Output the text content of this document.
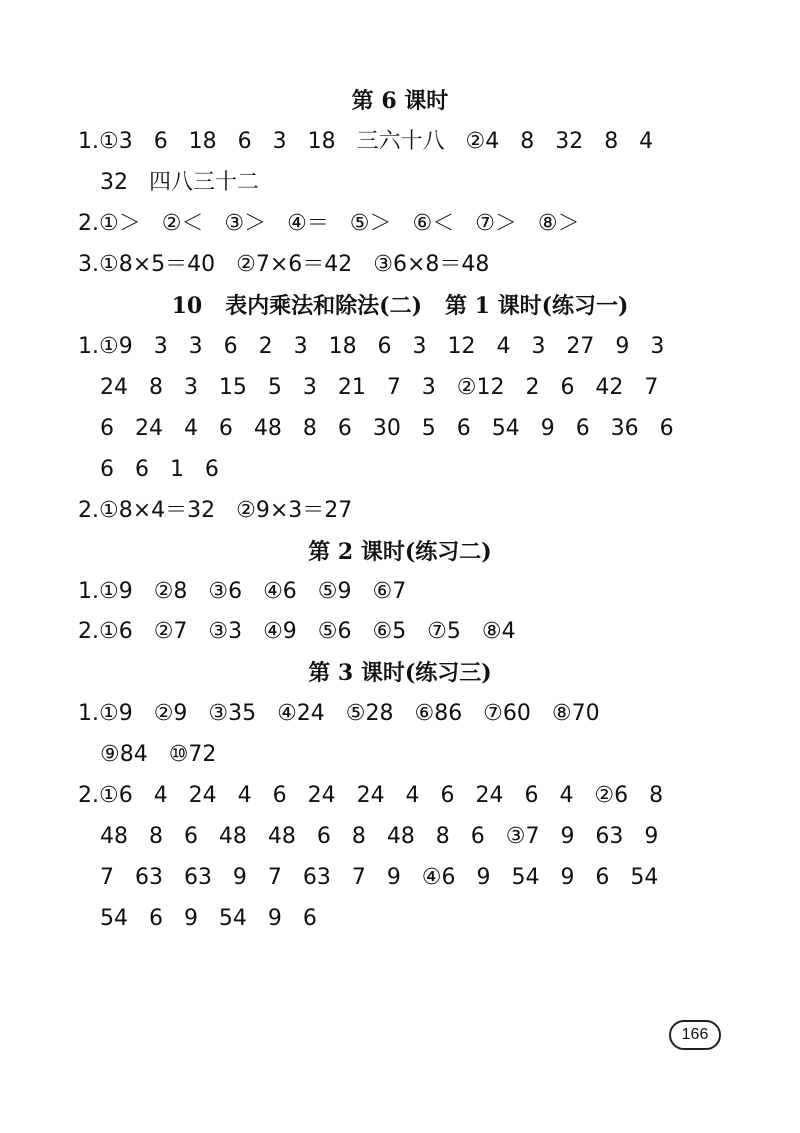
第 6 课时
1.①3   6   18   6   3   18   三六十八   ②4   8   32   8   4
32   四八三十二
2.①＞   ②＜   ③＞   ④＝   ⑤＞   ⑥＜   ⑦＞   ⑧＞
3.①8×5＝40   ②7×6＝42   ③6×8＝48
10   表内乘法和除法(二)   第 1 课时(练习一)
1.①9   3   3   6   2   3   18   6   3   12   4   3   27   9   3
24   8   3   15   5   3   21   7   3   ②12   2   6   42   7
6   24   4   6   48   8   6   30   5   6   54   9   6   36   6
6   6   1   6
2.①8×4＝32   ②9×3＝27
第 2 课时(练习二)
1.①9   ②8   ③6   ④6   ⑤9   ⑥7
2.①6   ②7   ③3   ④9   ⑤6   ⑥5   ⑦5   ⑧4
第 3 课时(练习三)
1.①9   ②9   ③35   ④24   ⑤28   ⑥86   ⑦60   ⑧70
⑨84   ⑩72
2.①6   4   24   4   6   24   24   4   6   24   6   4   ②6   8
48   8   6   48   48   6   8   48   8   6   ③7   9   63   9
7   63   63   9   7   63   7   9   ④6   9   54   9   6   54
54   6   9   54   9   6
166
